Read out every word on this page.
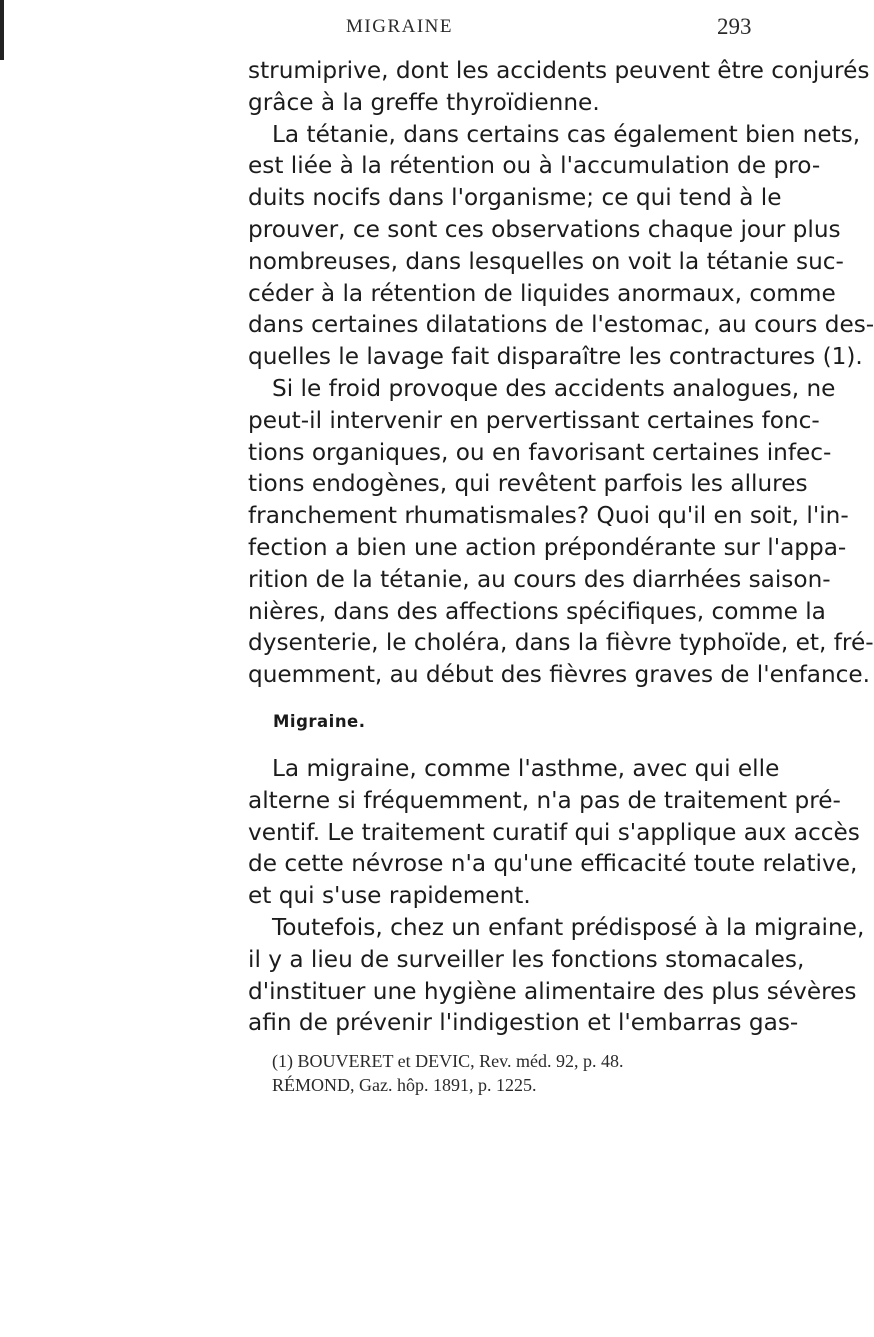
MIGRAINE	293
strumiprive, dont les accidents peuvent être conjurés
grâce à la greffe thyroïdienne.
La tétanie, dans certains cas également bien nets,
est liée à la rétention ou à l'accumulation de pro-
duits nocifs dans l'organisme; ce qui tend à le
prouver, ce sont ces observations chaque jour plus
nombreuses, dans lesquelles on voit la tétanie suc-
céder à la rétention de liquides anormaux, comme
dans certaines dilatations de l'estomac, au cours des-
quelles le lavage fait disparaître les contractures (1).
Si le froid provoque des accidents analogues, ne
peut-il intervenir en pervertissant certaines fonc-
tions organiques, ou en favorisant certaines infec-
tions endogènes, qui revêtent parfois les allures
franchement rhumatismales? Quoi qu'il en soit, l'in-
fection a bien une action prépondérante sur l'appa-
rition de la tétanie, au cours des diarrhées saison-
nières, dans des affections spécifiques, comme la
dysenterie, le choléra, dans la fièvre typhoïde, et, fré-
quemment, au début des fièvres graves de l'enfance.
Migraine.
La migraine, comme l'asthme, avec qui elle
alterne si fréquemment, n'a pas de traitement pré-
ventif. Le traitement curatif qui s'applique aux accès
de cette névrose n'a qu'une efficacité toute relative,
et qui s'use rapidement.
Toutefois, chez un enfant prédisposé à la migraine,
il y a lieu de surveiller les fonctions stomacales,
d'instituer une hygiène alimentaire des plus sévères
afin de prévenir l'indigestion et l'embarras gas-
(1) BOUVERET et DEVIC, Rev. méd. 92, p. 48.
RÉMOND, Gaz. hôp. 1891, p. 1225.
